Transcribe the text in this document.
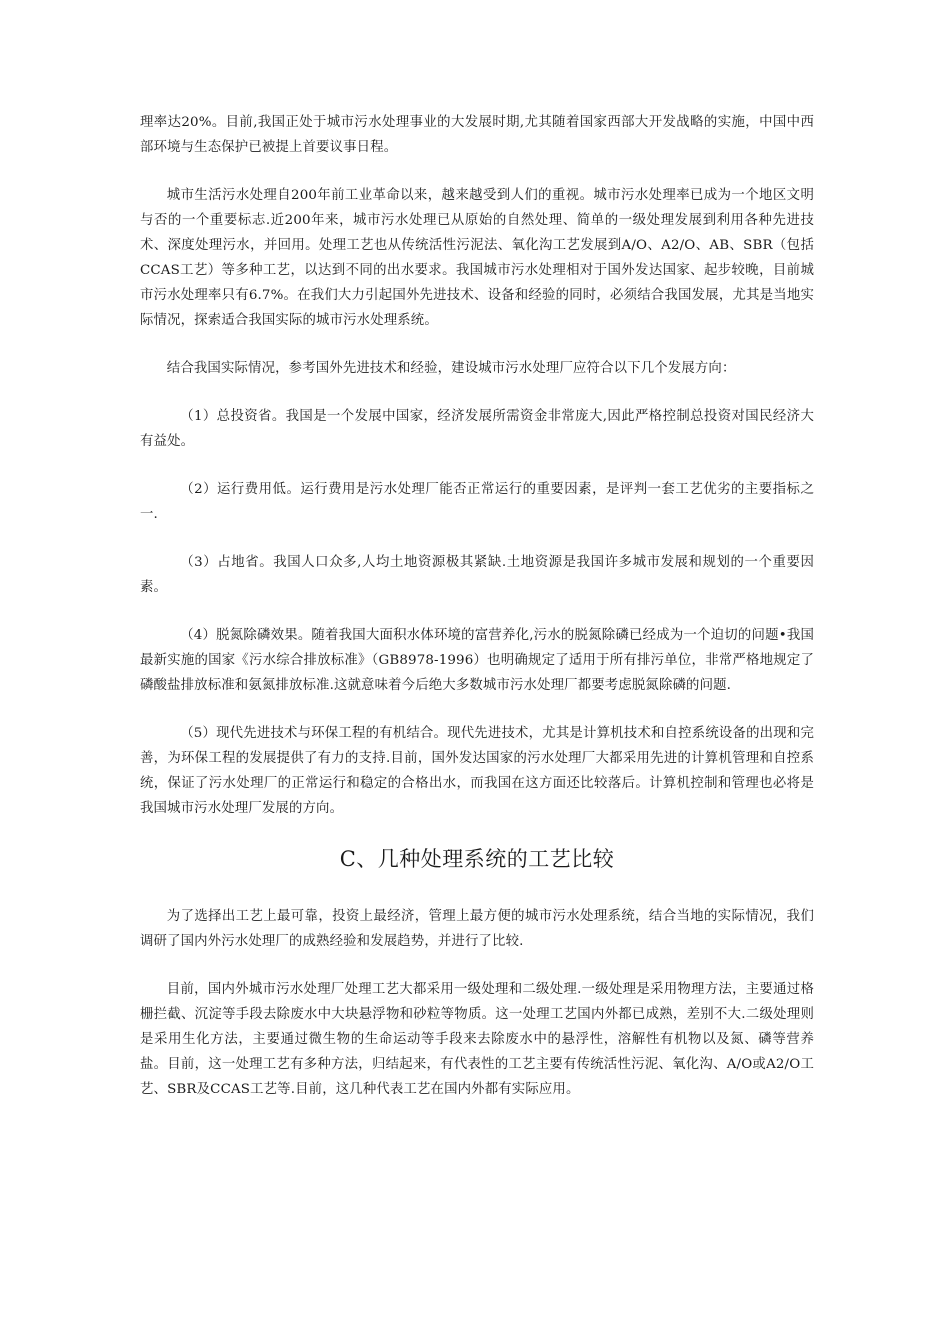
理率达20%。目前,我国正处于城市污水处理事业的大发展时期,尤其随着国家西部大开发战略的实施，中国中西部环境与生态保护已被提上首要议事日程。

城市生活污水处理自200年前工业革命以来，越来越受到人们的重视。城市污水处理率已成为一个地区文明与否的一个重要标志.近200年来，城市污水处理已从原始的自然处理、简单的一级处理发展到利用各种先进技术、深度处理污水，并回用。处理工艺也从传统活性污泥法、氧化沟工艺发展到A/O、A2/O、AB、SBR（包括CCAS工艺）等多种工艺，以达到不同的出水要求。我国城市污水处理相对于国外发达国家、起步较晚，目前城市污水处理率只有6.7%。在我们大力引起国外先进技术、设备和经验的同时，必须结合我国发展，尤其是当地实际情况，探索适合我国实际的城市污水处理系统。

结合我国实际情况，参考国外先进技术和经验，建设城市污水处理厂应符合以下几个发展方向：

（1）总投资省。我国是一个发展中国家，经济发展所需资金非常庞大,因此严格控制总投资对国民经济大有益处。

（2）运行费用低。运行费用是污水处理厂能否正常运行的重要因素，是评判一套工艺优劣的主要指标之一.

（3）占地省。我国人口众多,人均土地资源极其紧缺.土地资源是我国许多城市发展和规划的一个重要因素。

（4）脱氮除磷效果。随着我国大面积水体环境的富营养化,污水的脱氮除磷已经成为一个迫切的问题•我国最新实施的国家《污水综合排放标准》（GB8978-1996）也明确规定了适用于所有排污单位，非常严格地规定了磷酸盐排放标准和氨氮排放标准.这就意味着今后绝大多数城市污水处理厂都要考虑脱氮除磷的问题.

（5）现代先进技术与环保工程的有机结合。现代先进技术，尤其是计算机技术和自控系统设备的出现和完善，为环保工程的发展提供了有力的支持.目前，国外发达国家的污水处理厂大都采用先进的计算机管理和自控系统，保证了污水处理厂的正常运行和稳定的合格出水，而我国在这方面还比较落后。计算机控制和管理也必将是我国城市污水处理厂发展的方向。

C、几种处理系统的工艺比较

为了选择出工艺上最可靠，投资上最经济，管理上最方便的城市污水处理系统，结合当地的实际情况，我们调研了国内外污水处理厂的成熟经验和发展趋势，并进行了比较.

目前，国内外城市污水处理厂处理工艺大都采用一级处理和二级处理.一级处理是采用物理方法，主要通过格栅拦截、沉淀等手段去除废水中大块悬浮物和砂粒等物质。这一处理工艺国内外都已成熟，差别不大.二级处理则是采用生化方法，主要通过微生物的生命运动等手段来去除废水中的悬浮性，溶解性有机物以及氮、磷等营养盐。目前，这一处理工艺有多种方法，归结起来，有代表性的工艺主要有传统活性污泥、氧化沟、A/O或A2/O工艺、SBR及CCAS工艺等.目前，这几种代表工艺在国内外都有实际应用。
